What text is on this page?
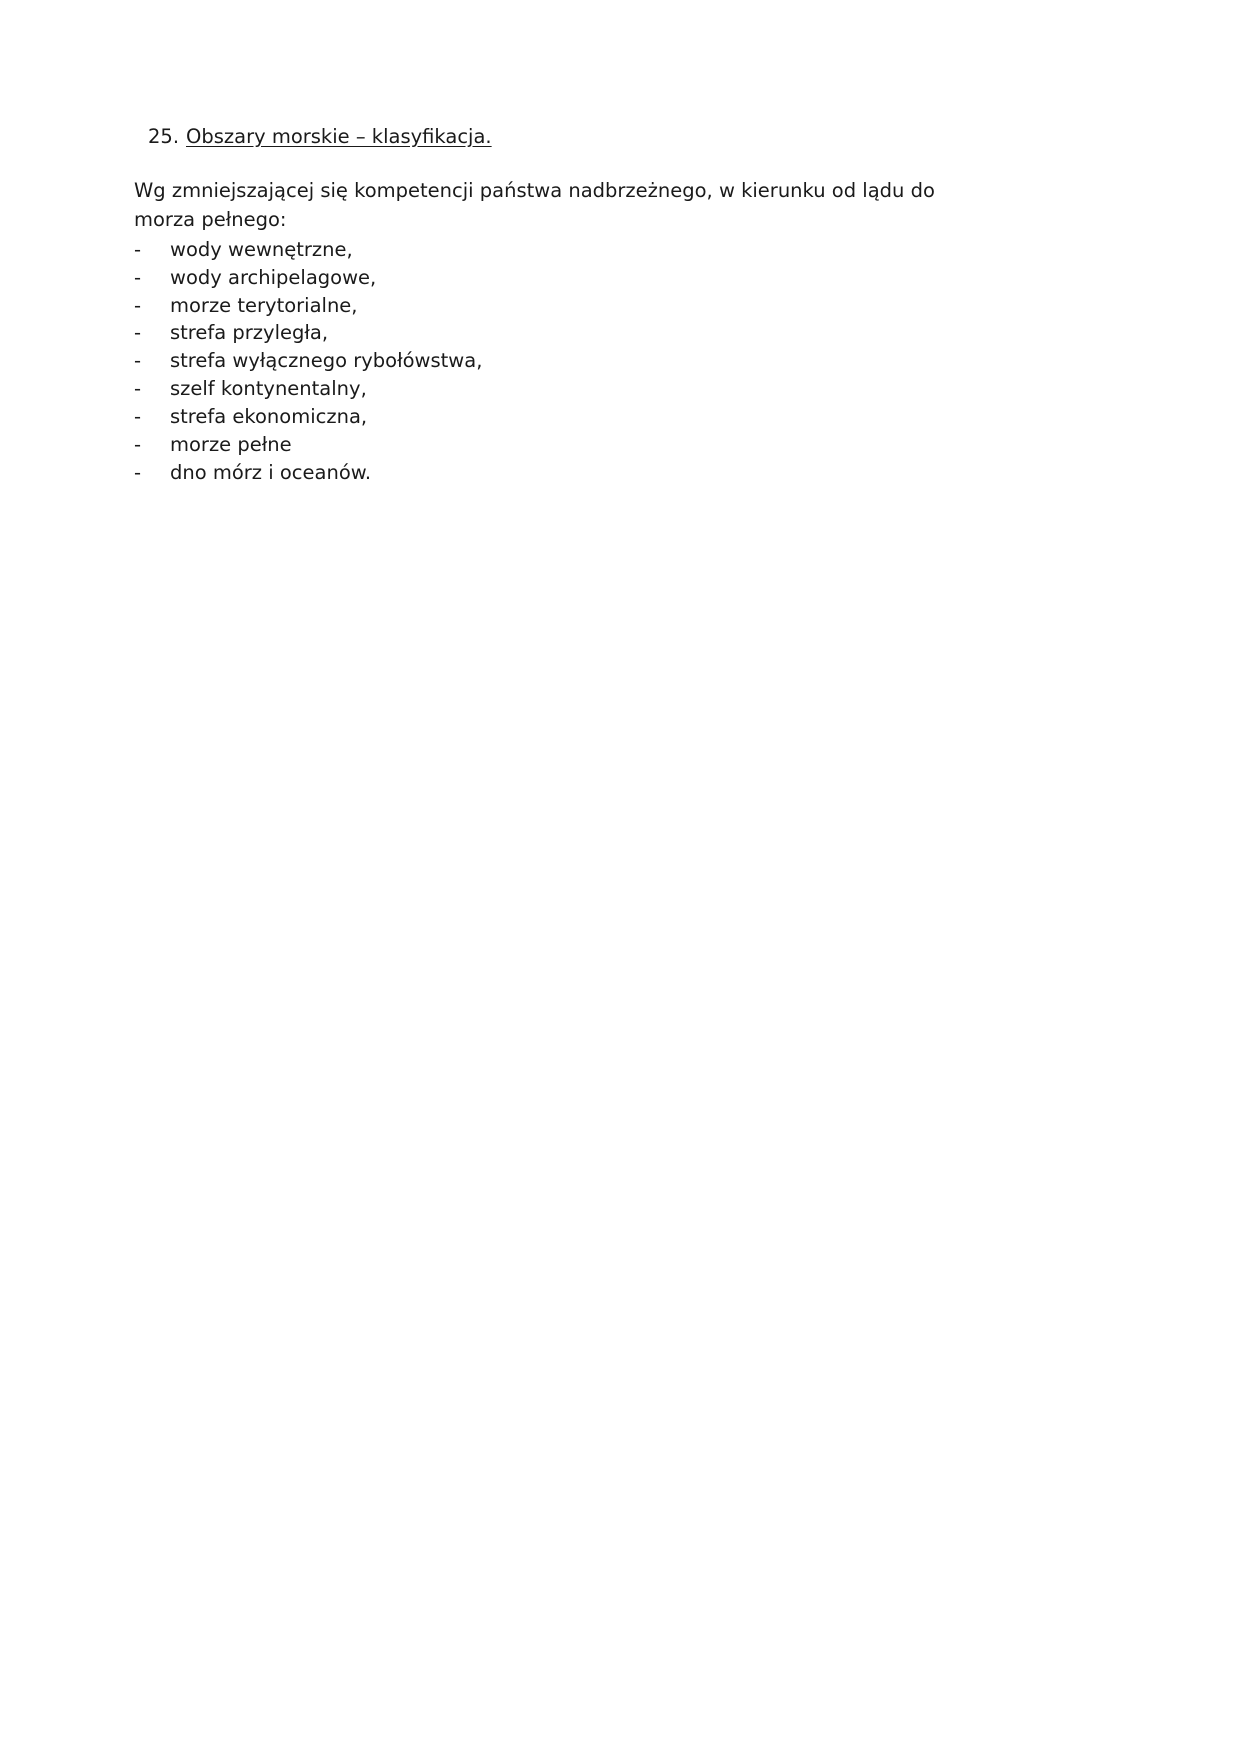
25. Obszary morskie – klasyfikacja.

Wg zmniejszającej się kompetencji państwa nadbrzeżnego, w kierunku od lądu do morza pełnego:

-	wody wewnętrzne,
-	wody archipelagowe,
-	morze terytorialne,
-	strefa przyległa,
-	strefa wyłącznego rybołówstwa,
-	szelf kontynentalny,
-	strefa ekonomiczna,
-	morze pełne
-	dno mórz i oceanów.
